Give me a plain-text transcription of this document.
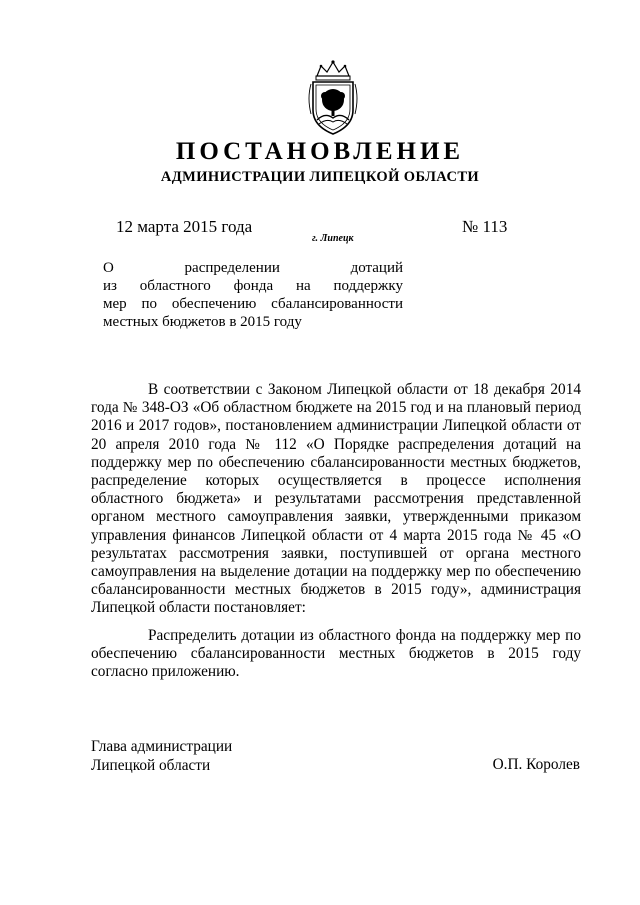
ПОСТАНОВЛЕНИЕ
АДМИНИСТРАЦИИ ЛИПЕЦКОЙ ОБЛАСТИ
12 марта 2015 года
г. Липецк
№ 113
О распределении дотаций
из областного фонда на поддержку
мер по обеспечению сбалансированности
местных бюджетов в 2015 году

В соответствии с Законом Липецкой области от 18 декабря 2014 года № 348-ОЗ «Об областном бюджете на 2015 год и на плановый период 2016 и 2017 годов», постановлением администрации Липецкой области от 20 апреля 2010 года № 112 «О Порядке распределения дотаций на поддержку мер по обеспечению сбалансированности местных бюджетов, распределение которых осуществляется в процессе исполнения областного бюджета» и результатами рассмотрения представленной органом местного самоуправления заявки, утвержденными приказом управления финансов Липецкой области от 4 марта 2015 года № 45 «О результатах рассмотрения заявки, поступившей от органа местного самоуправления на выделение дотации на поддержку мер по обеспечению сбалансированности местных бюджетов в 2015 году», администрация Липецкой области постановляет:

Распределить дотации из областного фонда на поддержку мер по обеспечению сбалансированности местных бюджетов в 2015 году согласно приложению.

Глава администрации
Липецкой области	О.П. Королев
